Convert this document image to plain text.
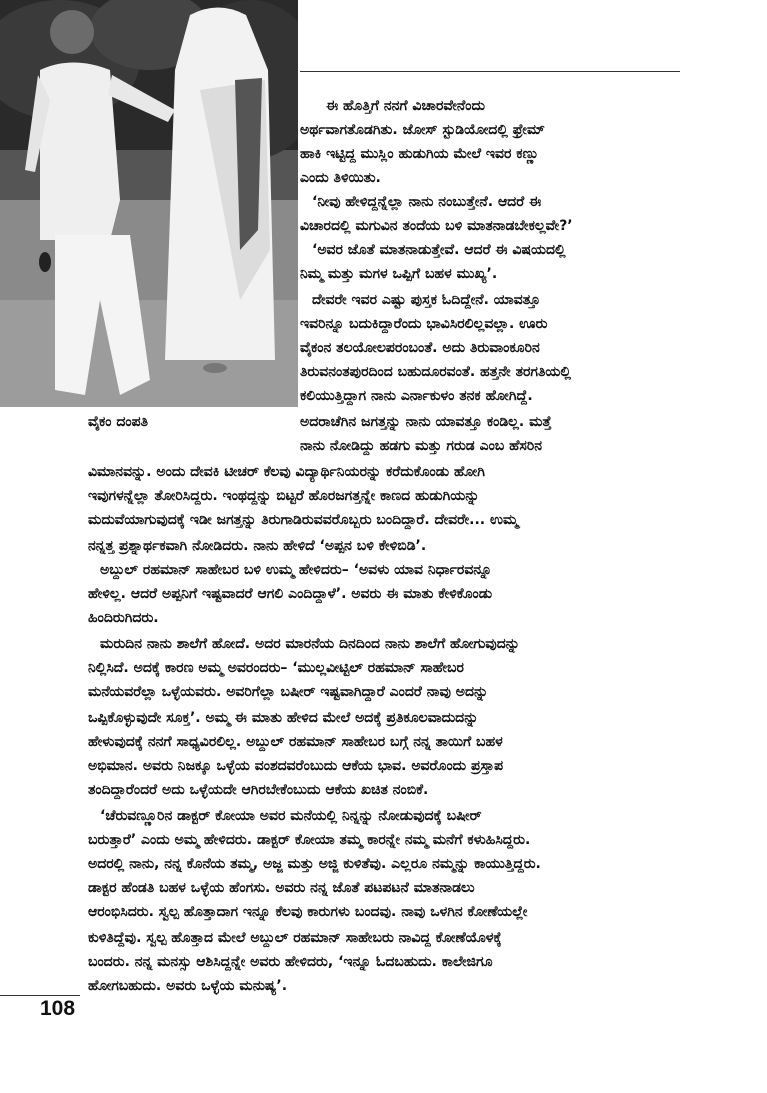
ವೈಕಂ ದಂಪತಿ
ಈ ಹೊತ್ತಿಗೆ ನನಗೆ ವಿಚಾರವೇನೆಂದು
ಅರ್ಥವಾಗತೊಡಗಿತು. ಜೋಸ್ ಸ್ಟುಡಿಯೋದಲ್ಲಿ ಫ್ರೇಮ್
ಹಾಕಿ ಇಟ್ಟಿದ್ದ ಮುಸ್ಲಿಂ ಹುಡುಗಿಯ ಮೇಲೆ ಇವರ ಕಣ್ಣು
ಎಂದು ತಿಳಿಯಿತು.
‘ನೀವು ಹೇಳಿದ್ದನ್ನೆಲ್ಲಾ ನಾನು ನಂಬುತ್ತೇನೆ. ಆದರೆ ಈ
ವಿಚಾರದಲ್ಲಿ ಮಗುವಿನ ತಂದೆಯ ಬಳಿ ಮಾತನಾಡಬೇಕಲ್ಲವೇ?’
‘ಅವರ ಜೊತೆ ಮಾತನಾಡುತ್ತೇವೆ. ಆದರೆ ಈ ವಿಷಯದಲ್ಲಿ
ನಿಮ್ಮ ಮತ್ತು ಮಗಳ ಒಪ್ಪಿಗೆ ಬಹಳ ಮುಖ್ಯ’.
ದೇವರೇ ಇವರ ಎಷ್ಟು ಪುಸ್ತಕ ಓದಿದ್ದೇನೆ. ಯಾವತ್ತೂ
ಇವರಿನ್ನೂ ಬದುಕಿದ್ದಾರೆಂದು ಭಾವಿಸಿರಲಿಲ್ಲವಲ್ಲಾ. ಊರು
ವೈಕಂನ ತಲಯೋಲಪರಂಬಂತೆ. ಅದು ತಿರುವಾಂಕೂರಿನ
ತಿರುವನಂತಪುರದಿಂದ ಬಹುದೂರವಂತೆ. ಹತ್ತನೇ ತರಗತಿಯಲ್ಲಿ
ಕಲಿಯುತ್ತಿದ್ದಾಗ ನಾನು ಎರ್ನಾಕುಳಂ ತನಕ ಹೋಗಿದ್ದೆ.
ಅದರಾಚೆಗಿನ ಜಗತ್ತನ್ನು ನಾನು ಯಾವತ್ತೂ ಕಂಡಿಲ್ಲ. ಮತ್ತೆ
ನಾನು ನೋಡಿದ್ದು ಹಡಗು ಮತ್ತು ಗರುಡ ಎಂಬ ಹೆಸರಿನ
ವಿಮಾನವನ್ನು. ಅಂದು ದೇವಕಿ ಟೀಚರ್ ಕೆಲವು ವಿದ್ಯಾರ್ಥಿನಿಯರನ್ನು ಕರೆದುಕೊಂಡು ಹೋಗಿ
ಇವುಗಳನ್ನೆಲ್ಲಾ ತೋರಿಸಿದ್ದರು. ಇಂಥದ್ದನ್ನು ಬಿಟ್ಟರೆ ಹೊರಜಗತ್ತನ್ನೇ ಕಾಣದ ಹುಡುಗಿಯನ್ನು
ಮದುವೆಯಾಗುವುದಕ್ಕೆ ಇಡೀ ಜಗತ್ತನ್ನು ತಿರುಗಾಡಿರುವವರೊಬ್ಬರು ಬಂದಿದ್ದಾರೆ. ದೇವರೇ... ಉಮ್ಮ
ನನ್ನತ್ತ ಪ್ರಶ್ನಾರ್ಥಕವಾಗಿ ನೋಡಿದರು. ನಾನು ಹೇಳಿದೆ ‘ಅಪ್ಪನ ಬಳಿ ಕೇಳಿಬಿಡಿ’.
ಅಬ್ದುಲ್ ರಹಮಾನ್ ಸಾಹೇಬರ ಬಳಿ ಉಮ್ಮ ಹೇಳಿದರು– ‘ಅವಳು ಯಾವ ನಿರ್ಧಾರವನ್ನೂ
ಹೇಳಿಲ್ಲ. ಆದರೆ ಅಪ್ಪನಿಗೆ ಇಷ್ಟವಾದರೆ ಆಗಲಿ ಎಂದಿದ್ದಾಳೆ’. ಅವರು ಈ ಮಾತು ಕೇಳಿಕೊಂಡು
ಹಿಂದಿರುಗಿದರು.
ಮರುದಿನ ನಾನು ಶಾಲೆಗೆ ಹೋದೆ. ಅದರ ಮಾರನೆಯ ದಿನದಿಂದ ನಾನು ಶಾಲೆಗೆ ಹೋಗುವುದನ್ನು
ನಿಲ್ಲಿಸಿದೆ. ಅದಕ್ಕೆ ಕಾರಣ ಅಮ್ಮ ಅವರಂದರು– ‘ಮುಲ್ಲವೀಟ್ಟಿಲ್ ರಹಮಾನ್ ಸಾಹೇಬರ
ಮನೆಯವರೆಲ್ಲಾ ಒಳ್ಳೆಯವರು. ಅವರಿಗೆಲ್ಲಾ ಬಷೀರ್ ಇಷ್ಟವಾಗಿದ್ದಾರೆ ಎಂದರೆ ನಾವು ಅದನ್ನು
ಒಪ್ಪಿಕೊಳ್ಳುವುದೇ ಸೂಕ್ತ’. ಅಮ್ಮ ಈ ಮಾತು ಹೇಳಿದ ಮೇಲೆ ಅದಕ್ಕೆ ಪ್ರತಿಕೂಲವಾದುದನ್ನು
ಹೇಳುವುದಕ್ಕೆ ನನಗೆ ಸಾಧ್ಯವಿರಲಿಲ್ಲ. ಅಬ್ದುಲ್ ರಹಮಾನ್ ಸಾಹೇಬರ ಬಗ್ಗೆ ನನ್ನ ತಾಯಿಗೆ ಬಹಳ
ಅಭಿಮಾನ. ಅವರು ನಿಜಕ್ಕೂ ಒಳ್ಳೆಯ ವಂಶದವರೆಂಬುದು ಆಕೆಯ ಭಾವ. ಅವರೊಂದು ಪ್ರಸ್ತಾಪ
ತಂದಿದ್ದಾರೆಂದರೆ ಅದು ಒಳ್ಳೆಯದೇ ಆಗಿರಬೇಕೆಂಬುದು ಆಕೆಯ ಖಚಿತ ನಂಬಿಕೆ.
‘ಚೆರುವಣ್ಣೂರಿನ ಡಾಕ್ಟರ್ ಕೋಯಾ ಅವರ ಮನೆಯಲ್ಲಿ ನಿನ್ನನ್ನು ನೋಡುವುದಕ್ಕೆ ಬಷೀರ್
ಬರುತ್ತಾರೆ’ ಎಂದು ಅಮ್ಮ ಹೇಳಿದರು. ಡಾಕ್ಟರ್ ಕೋಯಾ ತಮ್ಮ ಕಾರನ್ನೇ ನಮ್ಮ ಮನೆಗೆ ಕಳುಹಿಸಿದ್ದರು.
ಅದರಲ್ಲಿ ನಾನು, ನನ್ನ ಕೊನೆಯ ತಮ್ಮ, ಅಜ್ಜ ಮತ್ತು ಅಜ್ಜಿ ಕುಳಿತೆವು. ಎಲ್ಲರೂ ನಮ್ಮನ್ನು ಕಾಯುತ್ತಿದ್ದರು.
ಡಾಕ್ಟರ ಹೆಂಡತಿ ಬಹಳ ಒಳ್ಳೆಯ ಹೆಂಗಸು. ಅವರು ನನ್ನ ಜೊತೆ ಪಟಪಟನೆ ಮಾತನಾಡಲು
ಆರಂಭಿಸಿದರು. ಸ್ವಲ್ಪ ಹೊತ್ತಾದಾಗ ಇನ್ನೂ ಕೆಲವು ಕಾರುಗಳು ಬಂದವು. ನಾವು ಒಳಗಿನ ಕೋಣೆಯಲ್ಲೇ
ಕುಳಿತಿದ್ದೆವು. ಸ್ವಲ್ಪ ಹೊತ್ತಾದ ಮೇಲೆ ಅಬ್ದುಲ್ ರಹಮಾನ್ ಸಾಹೇಬರು ನಾವಿದ್ದ ಕೋಣೆಯೊಳಕ್ಕೆ
ಬಂದರು. ನನ್ನ ಮನಸ್ಸು ಆಶಿಸಿದ್ದನ್ನೇ ಅವರು ಹೇಳಿದರು, ‘ಇನ್ನೂ ಓದಬಹುದು. ಕಾಲೇಜಿಗೂ
ಹೋಗಬಹುದು. ಅವರು ಒಳ್ಳೆಯ ಮನುಷ್ಯ’.
108
